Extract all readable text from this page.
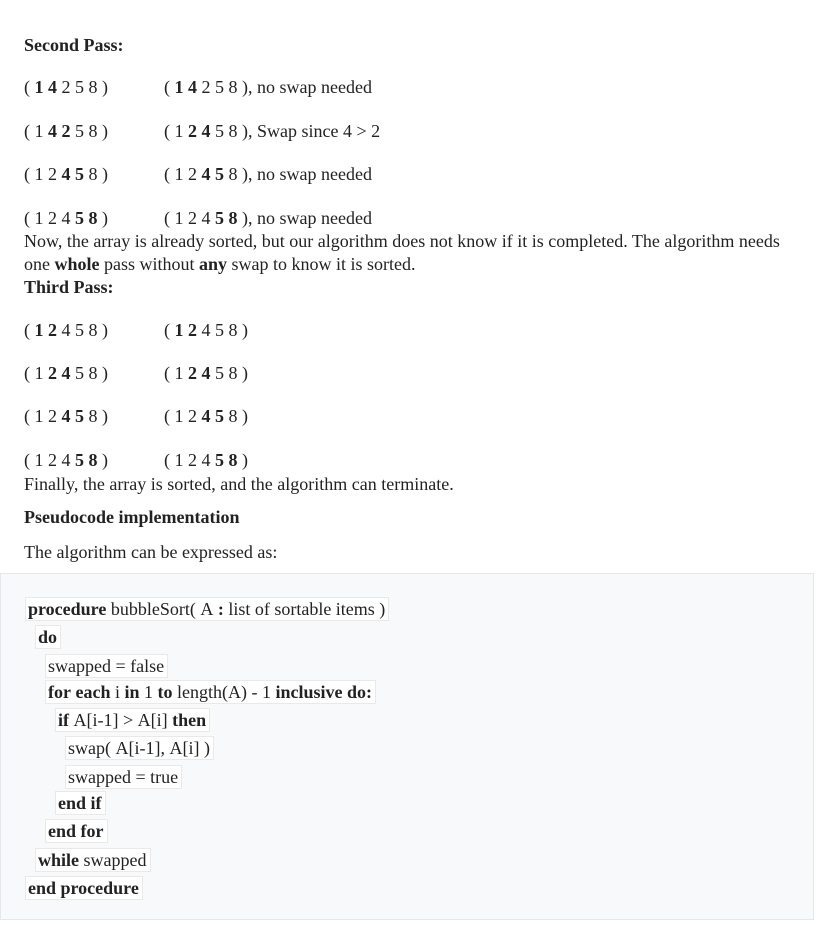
Second Pass:
( 1 4 2 5 8 )	( 1 4 2 5 8 ), no swap needed
( 1 4 2 5 8 )	( 1 2 4 5 8 ), Swap since 4 > 2
( 1 2 4 5 8 )	( 1 2 4 5 8 ), no swap needed
( 1 2 4 5 8 )	( 1 2 4 5 8 ), no swap needed
Now, the array is already sorted, but our algorithm does not know if it is completed. The algorithm needs one whole pass without any swap to know it is sorted.
Third Pass:
( 1 2 4 5 8 )	( 1 2 4 5 8 )
( 1 2 4 5 8 )	( 1 2 4 5 8 )
( 1 2 4 5 8 )	( 1 2 4 5 8 )
( 1 2 4 5 8 )	( 1 2 4 5 8 )
Finally, the array is sorted, and the algorithm can terminate.
Pseudocode implementation
The algorithm can be expressed as:
procedure bubbleSort( A : list of sortable items )
do
swapped = false
for each i in 1 to length(A) - 1 inclusive do:
if A[i-1] > A[i] then
swap( A[i-1], A[i] )
swapped = true
end if
end for
while swapped
end procedure
